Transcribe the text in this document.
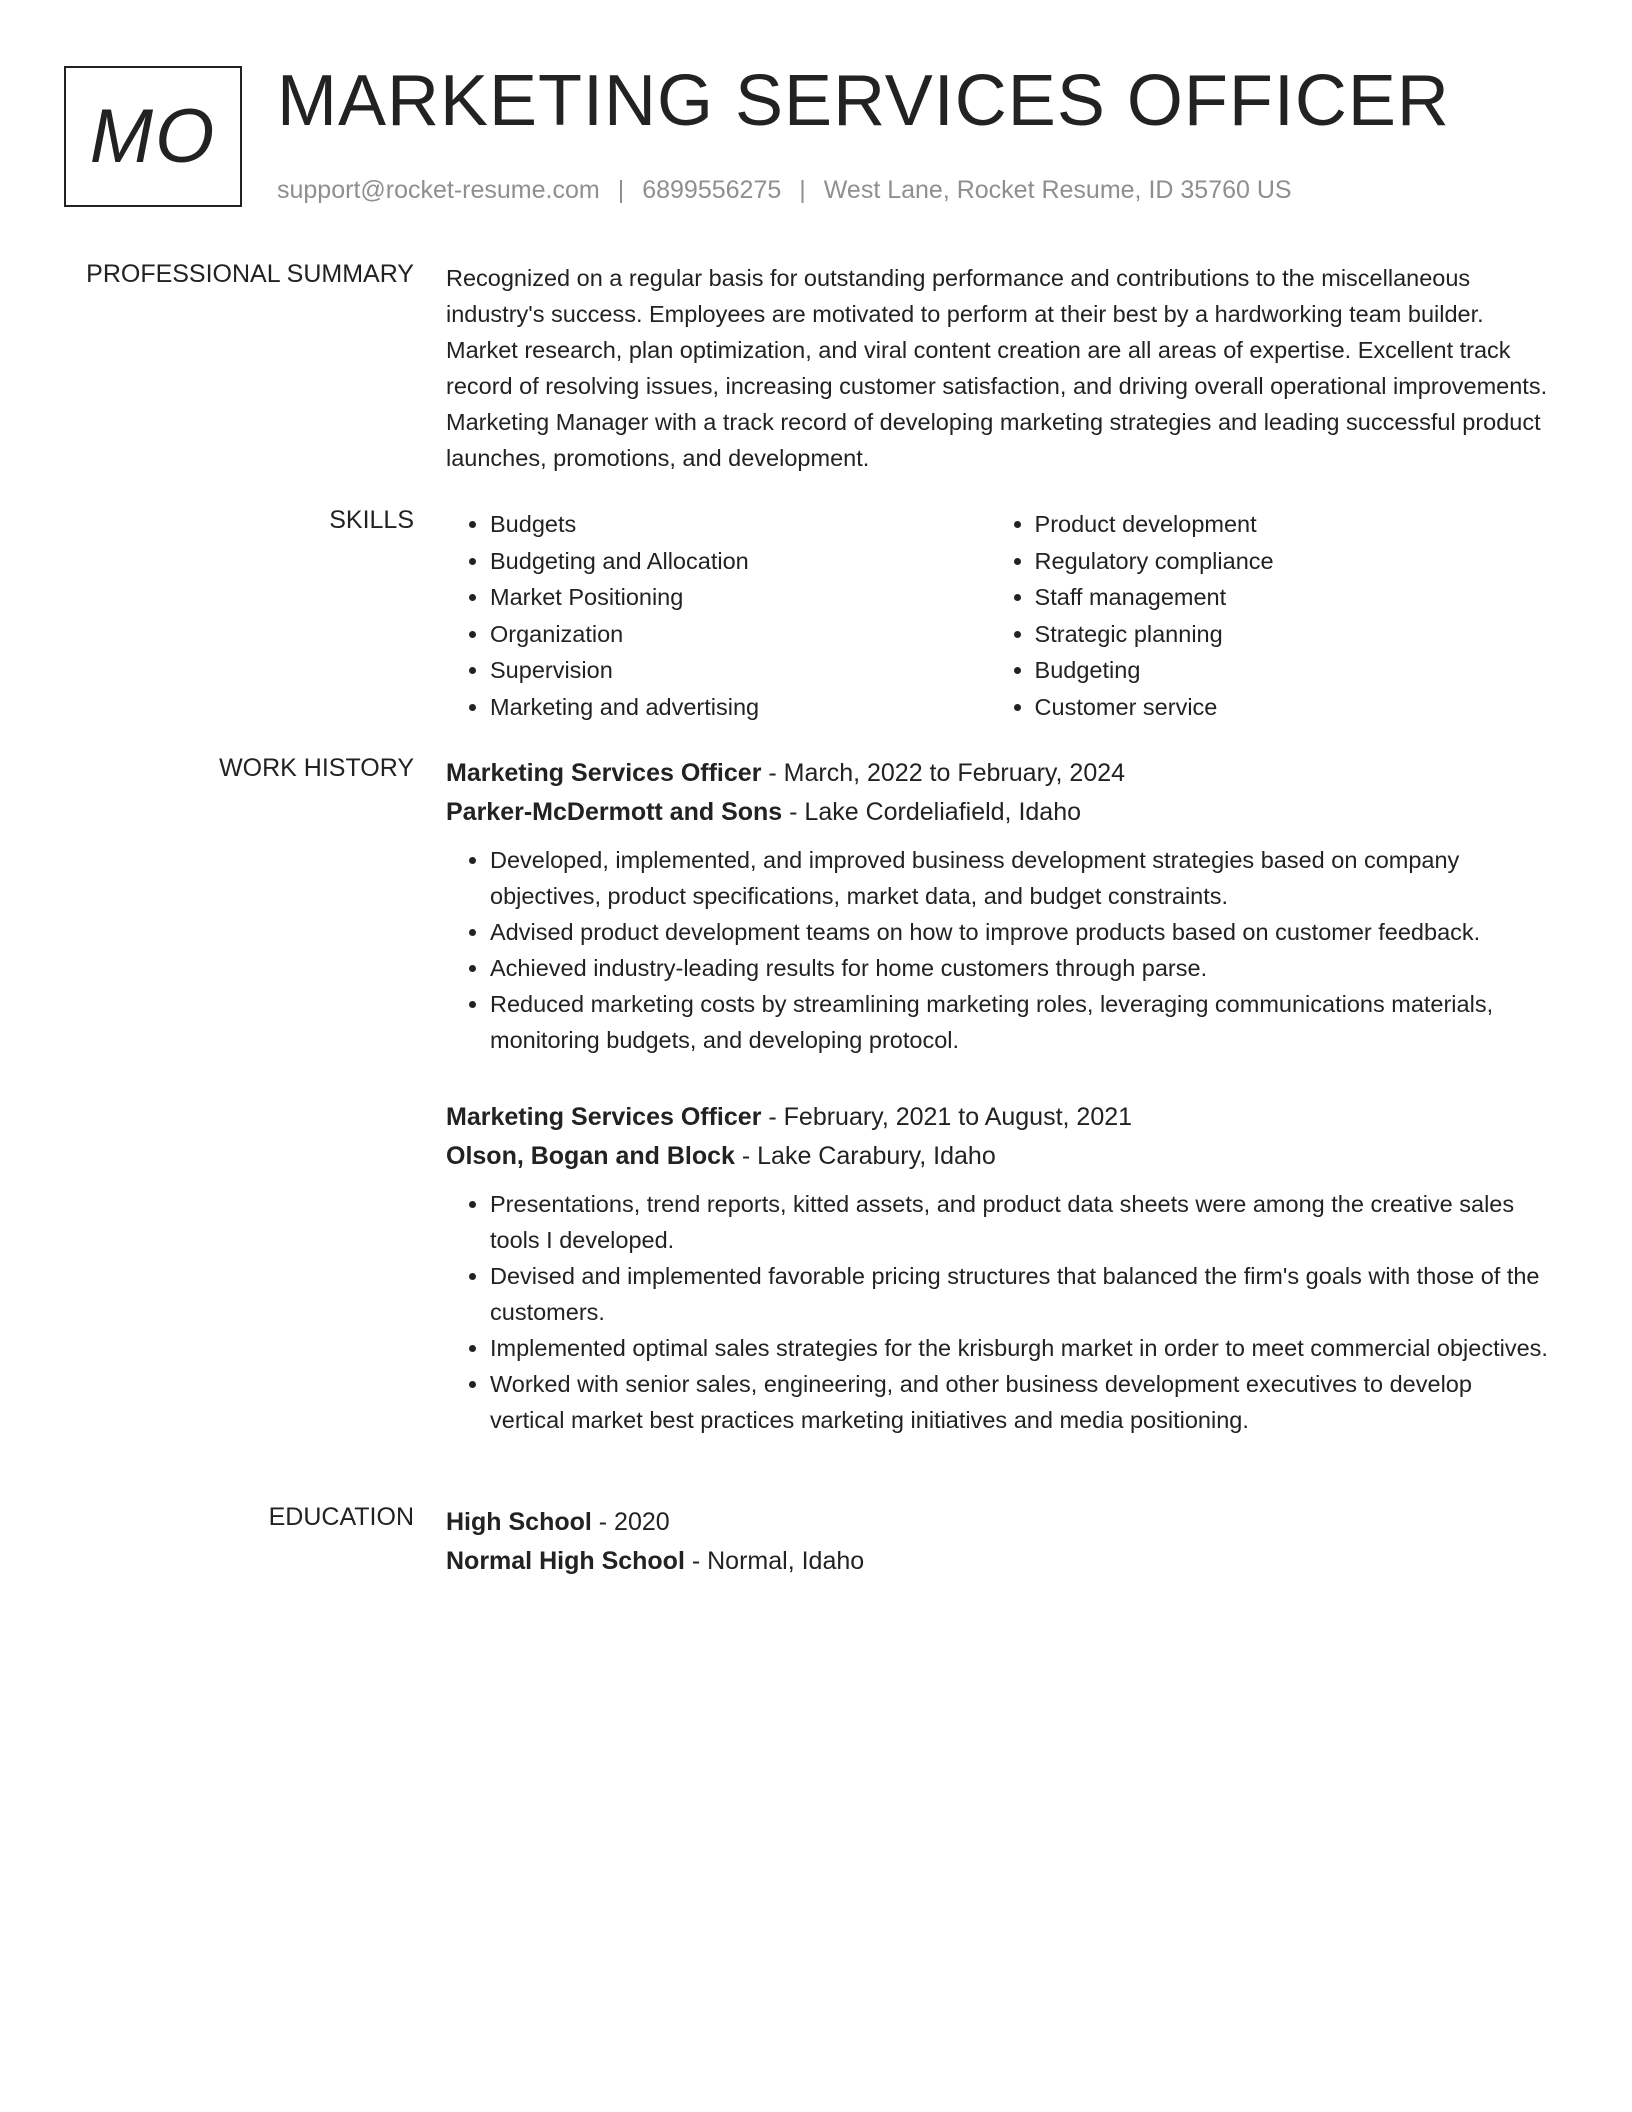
MO MARKETING SERVICES OFFICER
support@rocket-resume.com | 6899556275 | West Lane, Rocket Resume, ID 35760 US
PROFESSIONAL SUMMARY Recognized on a regular basis for outstanding performance and contributions to the miscellaneous industry's success. Employees are motivated to perform at their best by a hardworking team builder. Market research, plan optimization, and viral content creation are all areas of expertise. Excellent track record of resolving issues, increasing customer satisfaction, and driving overall operational improvements. Marketing Manager with a track record of developing marketing strategies and leading successful product launches, promotions, and development.

SKILLS
•	Budgets
• Budgeting and Allocation
• Market Positioning
• Organization
• Supervision
• Marketing and advertising
• Product development
• Regulatory compliance
• Staff management
• Strategic planning
• Budgeting
• Customer service
WORK HISTORY Marketing Services Officer - March, 2022 to February, 2024
Parker-McDermott and Sons - Lake Cordeliafield, Idaho
• Developed, implemented, and improved business development strategies based on company objectives, product specifications, market data, and budget constraints.
• Advised product development teams on how to improve products based on customer feedback.
• Achieved industry-leading results for home customers through parse.
• Reduced marketing costs by streamlining marketing roles, leveraging communications materials, monitoring budgets, and developing protocol.
Marketing Services Officer - February, 2021 to August, 2021
Olson, Bogan and Block - Lake Carabury, Idaho
• Presentations, trend reports, kitted assets, and product data sheets were among the creative sales tools I developed.
• Devised and implemented favorable pricing structures that balanced the firm's goals with those of the customers.
• Implemented optimal sales strategies for the krisburgh market in order to meet commercial objectives.
• Worked with senior sales, engineering, and other business development executives to develop vertical market best practices marketing initiatives and media positioning.
EDUCATION High School - 2020
Normal High School - Normal, Idaho
